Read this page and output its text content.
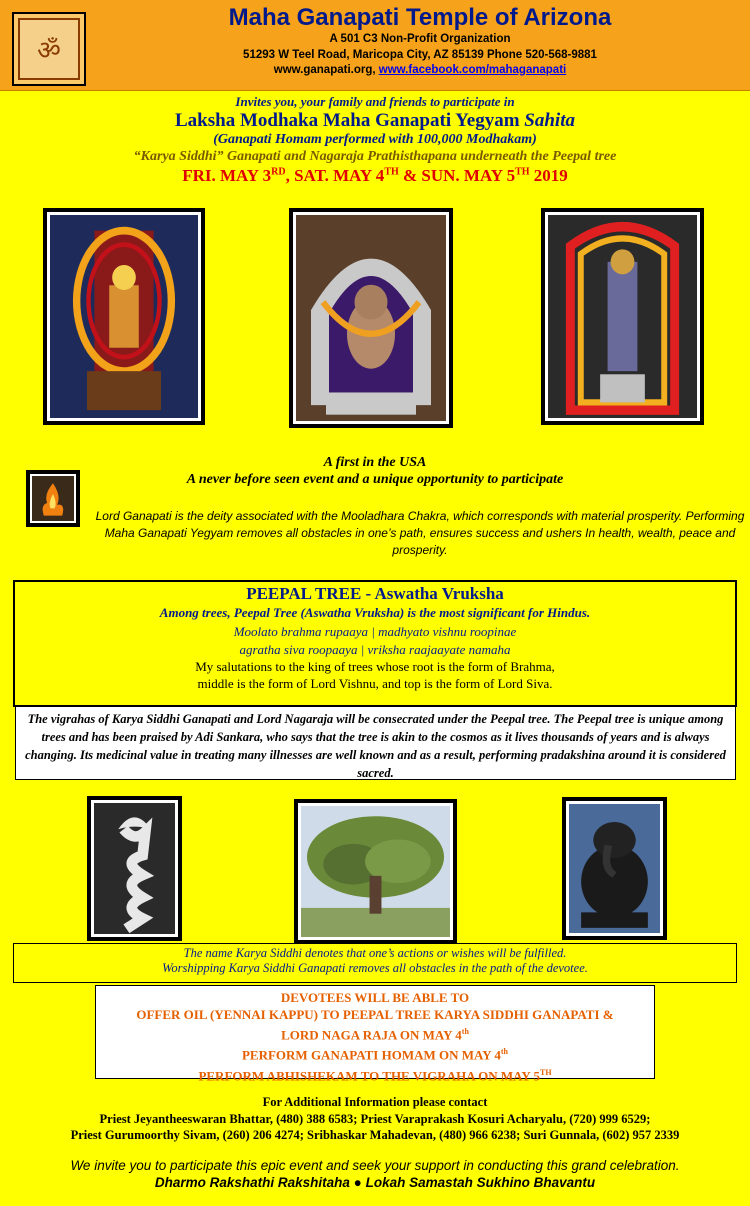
ॐ
Maha Ganapati Temple of Arizona
A 501 C3 Non-Profit Organization
51293 W Teel Road, Maricopa City, AZ 85139 Phone 520-568-9881
www.ganapati.org, www.facebook.com/mahaganapati
Invites you, your family and friends to participate in
Laksha Modhaka Maha Ganapati Yegyam Sahita
(Ganapati Homam performed with 100,000 Modhakam)
“Karya Siddhi” Ganapati and Nagaraja Prathisthapana underneath the Peepal tree
FRI. MAY 3RD, SAT. MAY 4TH & SUN. MAY 5TH 2019
A first in the USA
A never before seen event and a unique opportunity to participate
Lord Ganapati is the deity associated with the Mooladhara Chakra, which corresponds with material prosperity. Performing Maha Ganapati Yegyam removes all obstacles in one’s path, ensures success and ushers In health, wealth, peace and prosperity.
PEEPAL TREE - Aswatha Vruksha
Among trees, Peepal Tree (Aswatha Vruksha) is the most significant for Hindus.
Moolato brahma rupaaya | madhyato vishnu roopinae
agratha siva roopaaya | vriksha raajaayate namaha
My salutations to the king of trees whose root is the form of Brahma,
middle is the form of Lord Vishnu, and top is the form of Lord Siva.
The vigrahas of Karya Siddhi Ganapati and Lord Nagaraja will be consecrated under the Peepal tree. The Peepal tree is unique among trees and has been praised by Adi Sankara, who says that the tree is akin to the cosmos as it lives thousands of years and is always changing. Its medicinal value in treating many illnesses are well known and as a result, performing pradakshina around it is considered sacred.
The name Karya Siddhi denotes that one’s actions or wishes will be fulfilled.
Worshipping Karya Siddhi Ganapati removes all obstacles in the path of the devotee.
DEVOTEES WILL BE ABLE TO
OFFER OIL (YENNAI KAPPU) TO PEEPAL TREE KARYA SIDDHI GANAPATI &
LORD NAGA RAJA ON MAY 4th
PERFORM GANAPATI HOMAM ON MAY 4th
PERFORM ABHISHEKAM TO THE VIGRAHA ON MAY 5TH
For Additional Information please contact
Priest Jeyantheeswaran Bhattar, (480) 388 6583; Priest Varaprakash Kosuri Acharyalu, (720) 999 6529;
Priest Gurumoorthy Sivam, (260) 206 4274; Sribhaskar Mahadevan, (480) 966 6238; Suri Gunnala, (602) 957 2339
We invite you to participate this epic event and seek your support in conducting this grand celebration.
Dharmo Rakshathi Rakshitaha ● Lokah Samastah Sukhino Bhavantu
